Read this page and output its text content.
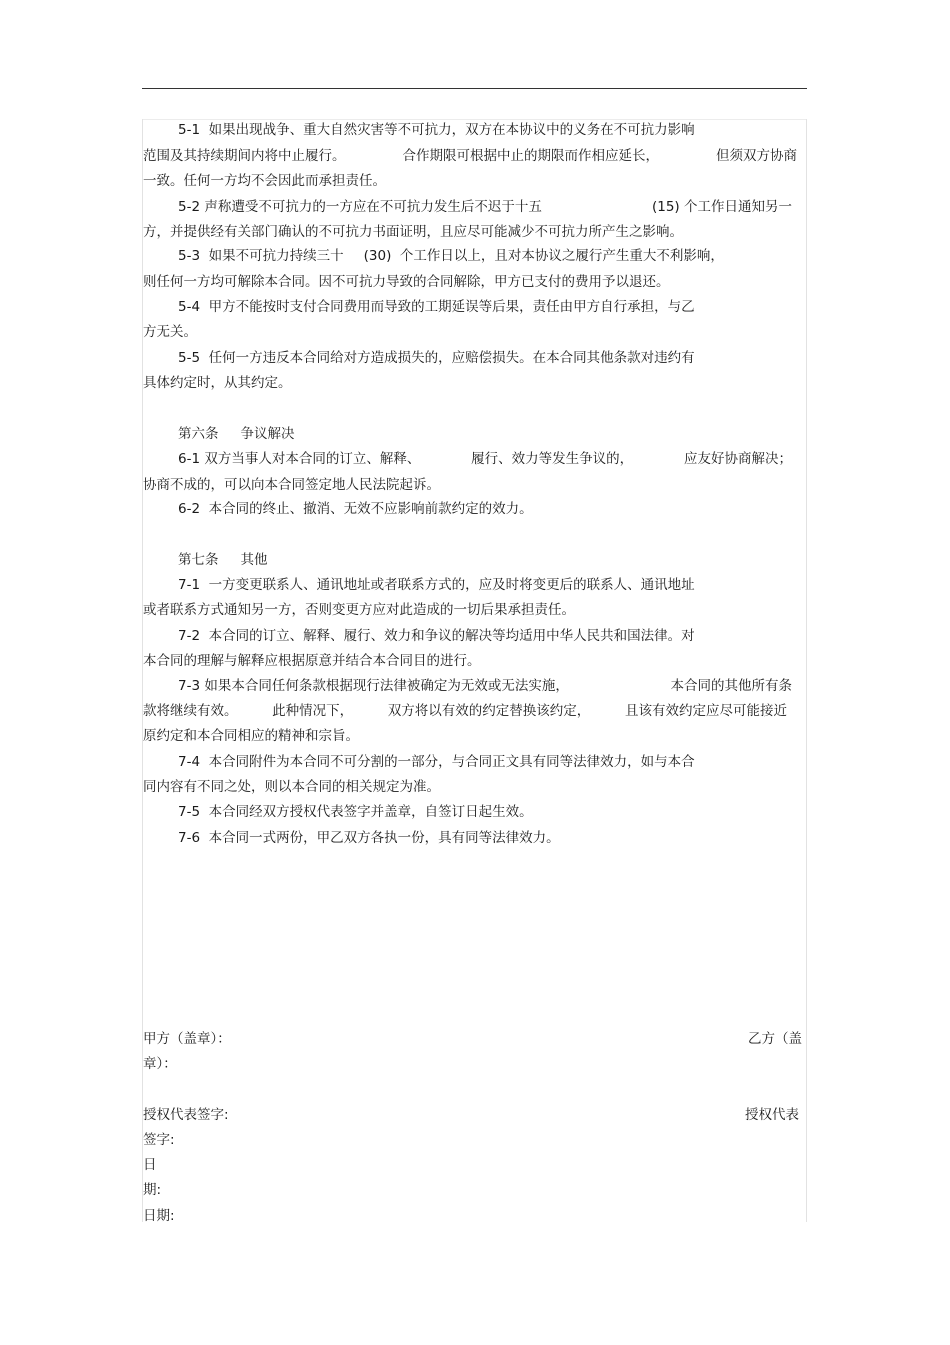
5-1  如果出现战争、重大自然灾害等不可抗力，双方在本协议中的义务在不可抗力影响
范围及其持续期间内将中止履行。	合作期限可根据中止的期限而作相应延长，	但须双方协商
一致。任何一方均不会因此而承担责任。
5-2 声称遭受不可抗力的一方应在不可抗力发生后不迟于十五	(15) 个工作日通知另一
方，并提供经有关部门确认的不可抗力书面证明，且应尽可能减少不可抗力所产生之影响。
5-3  如果不可抗力持续三十 (30)  个工作日以上，且对本协议之履行产生重大不利影响，
则任何一方均可解除本合同。因不可抗力导致的合同解除，甲方已支付的费用予以退还。
5-4  甲方不能按时支付合同费用而导致的工期延误等后果，责任由甲方自行承担，与乙
方无关。
5-5  任何一方违反本合同给对方造成损失的，应赔偿损失。在本合同其他条款对违约有
具体约定时，从其约定。
第六条 争议解决
6-1 双方当事人对本合同的订立、解释、	履行、效力等发生争议的，	应友好协商解决；
协商不成的，可以向本合同签定地人民法院起诉。
6-2  本合同的终止、撤消、无效不应影响前款约定的效力。
第七条 其他
7-1  一方变更联系人、通讯地址或者联系方式的，应及时将变更后的联系人、通讯地址
或者联系方式通知另一方，否则变更方应对此造成的一切后果承担责任。
7-2  本合同的订立、解释、履行、效力和争议的解决等均适用中华人民共和国法律。对
本合同的理解与解释应根据原意并结合本合同目的进行。
7-3 如果本合同任何条款根据现行法律被确定为无效或无法实施，	本合同的其他所有条
款将继续有效。	此种情况下，	双方将以有效的约定替换该约定，	且该有效约定应尽可能接近
原约定和本合同相应的精神和宗旨。
7-4  本合同附件为本合同不可分割的一部分，与合同正文具有同等法律效力，如与本合
同内容有不同之处，则以本合同的相关规定为准。
7-5  本合同经双方授权代表签字并盖章，自签订日起生效。
7-6  本合同一式两份，甲乙双方各执一份，具有同等法律效力。
甲方（盖章）：	乙方（盖
章）：
授权代表签字:	授权代表
签字:
日
期:
日期:
